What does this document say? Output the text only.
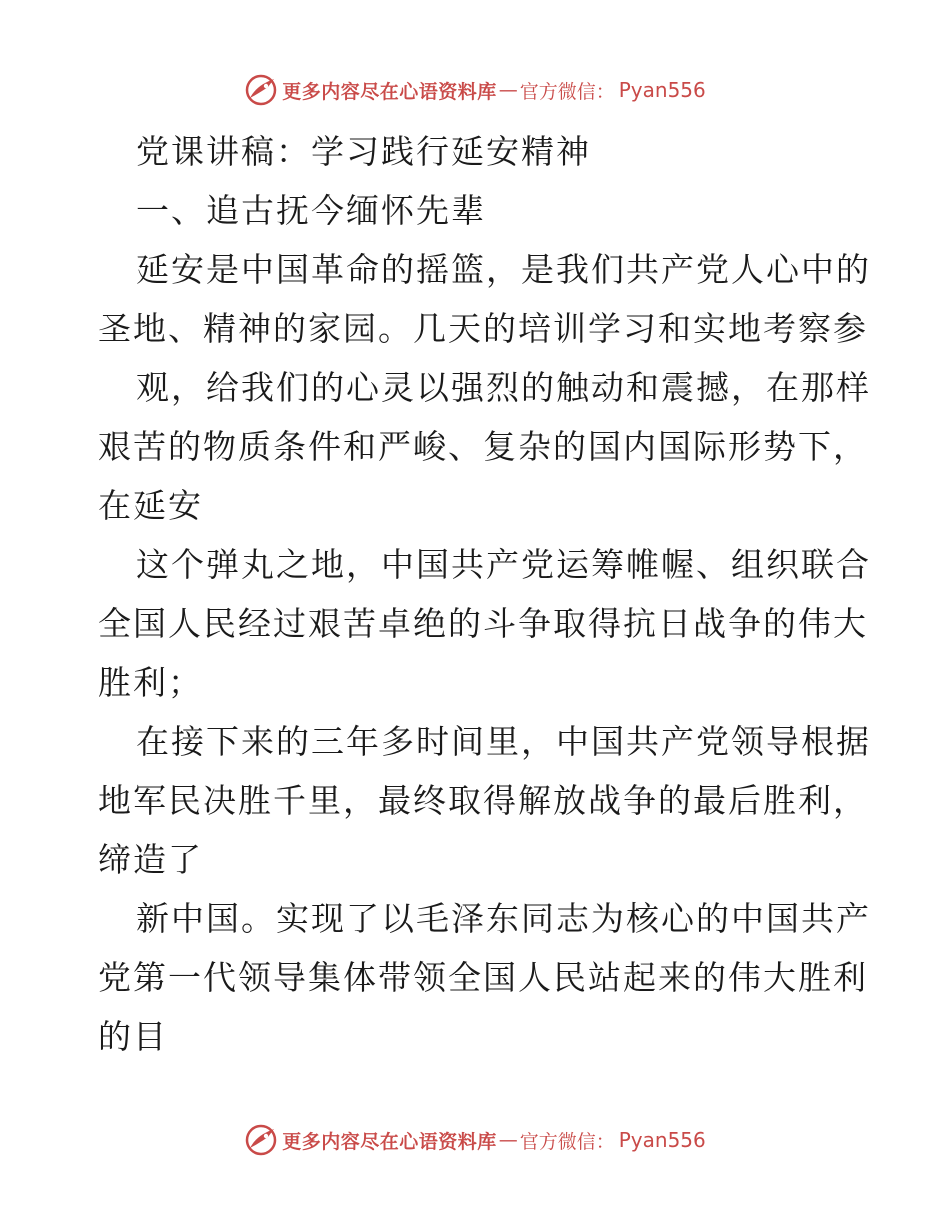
更多内容尽在心语资料库 — 官方微信： Pyan556
党课讲稿：学习践行延安精神
一、追古抚今缅怀先辈
延安是中国革命的摇篮，是我们共产党人心中的
圣地、精神的家园。几天的培训学习和实地考察参
观，给我们的心灵以强烈的触动和震撼，在那样
艰苦的物质条件和严峻、复杂的国内国际形势下，
在延安
这个弹丸之地，中国共产党运筹帷幄、组织联合
全国人民经过艰苦卓绝的斗争取得抗日战争的伟大
胜利；
在接下来的三年多时间里，中国共产党领导根据
地军民决胜千里，最终取得解放战争的最后胜利，
缔造了
新中国。实现了以毛泽东同志为核心的中国共产
党第一代领导集体带领全国人民站起来的伟大胜利
的目
更多内容尽在心语资料库 — 官方微信： Pyan556
